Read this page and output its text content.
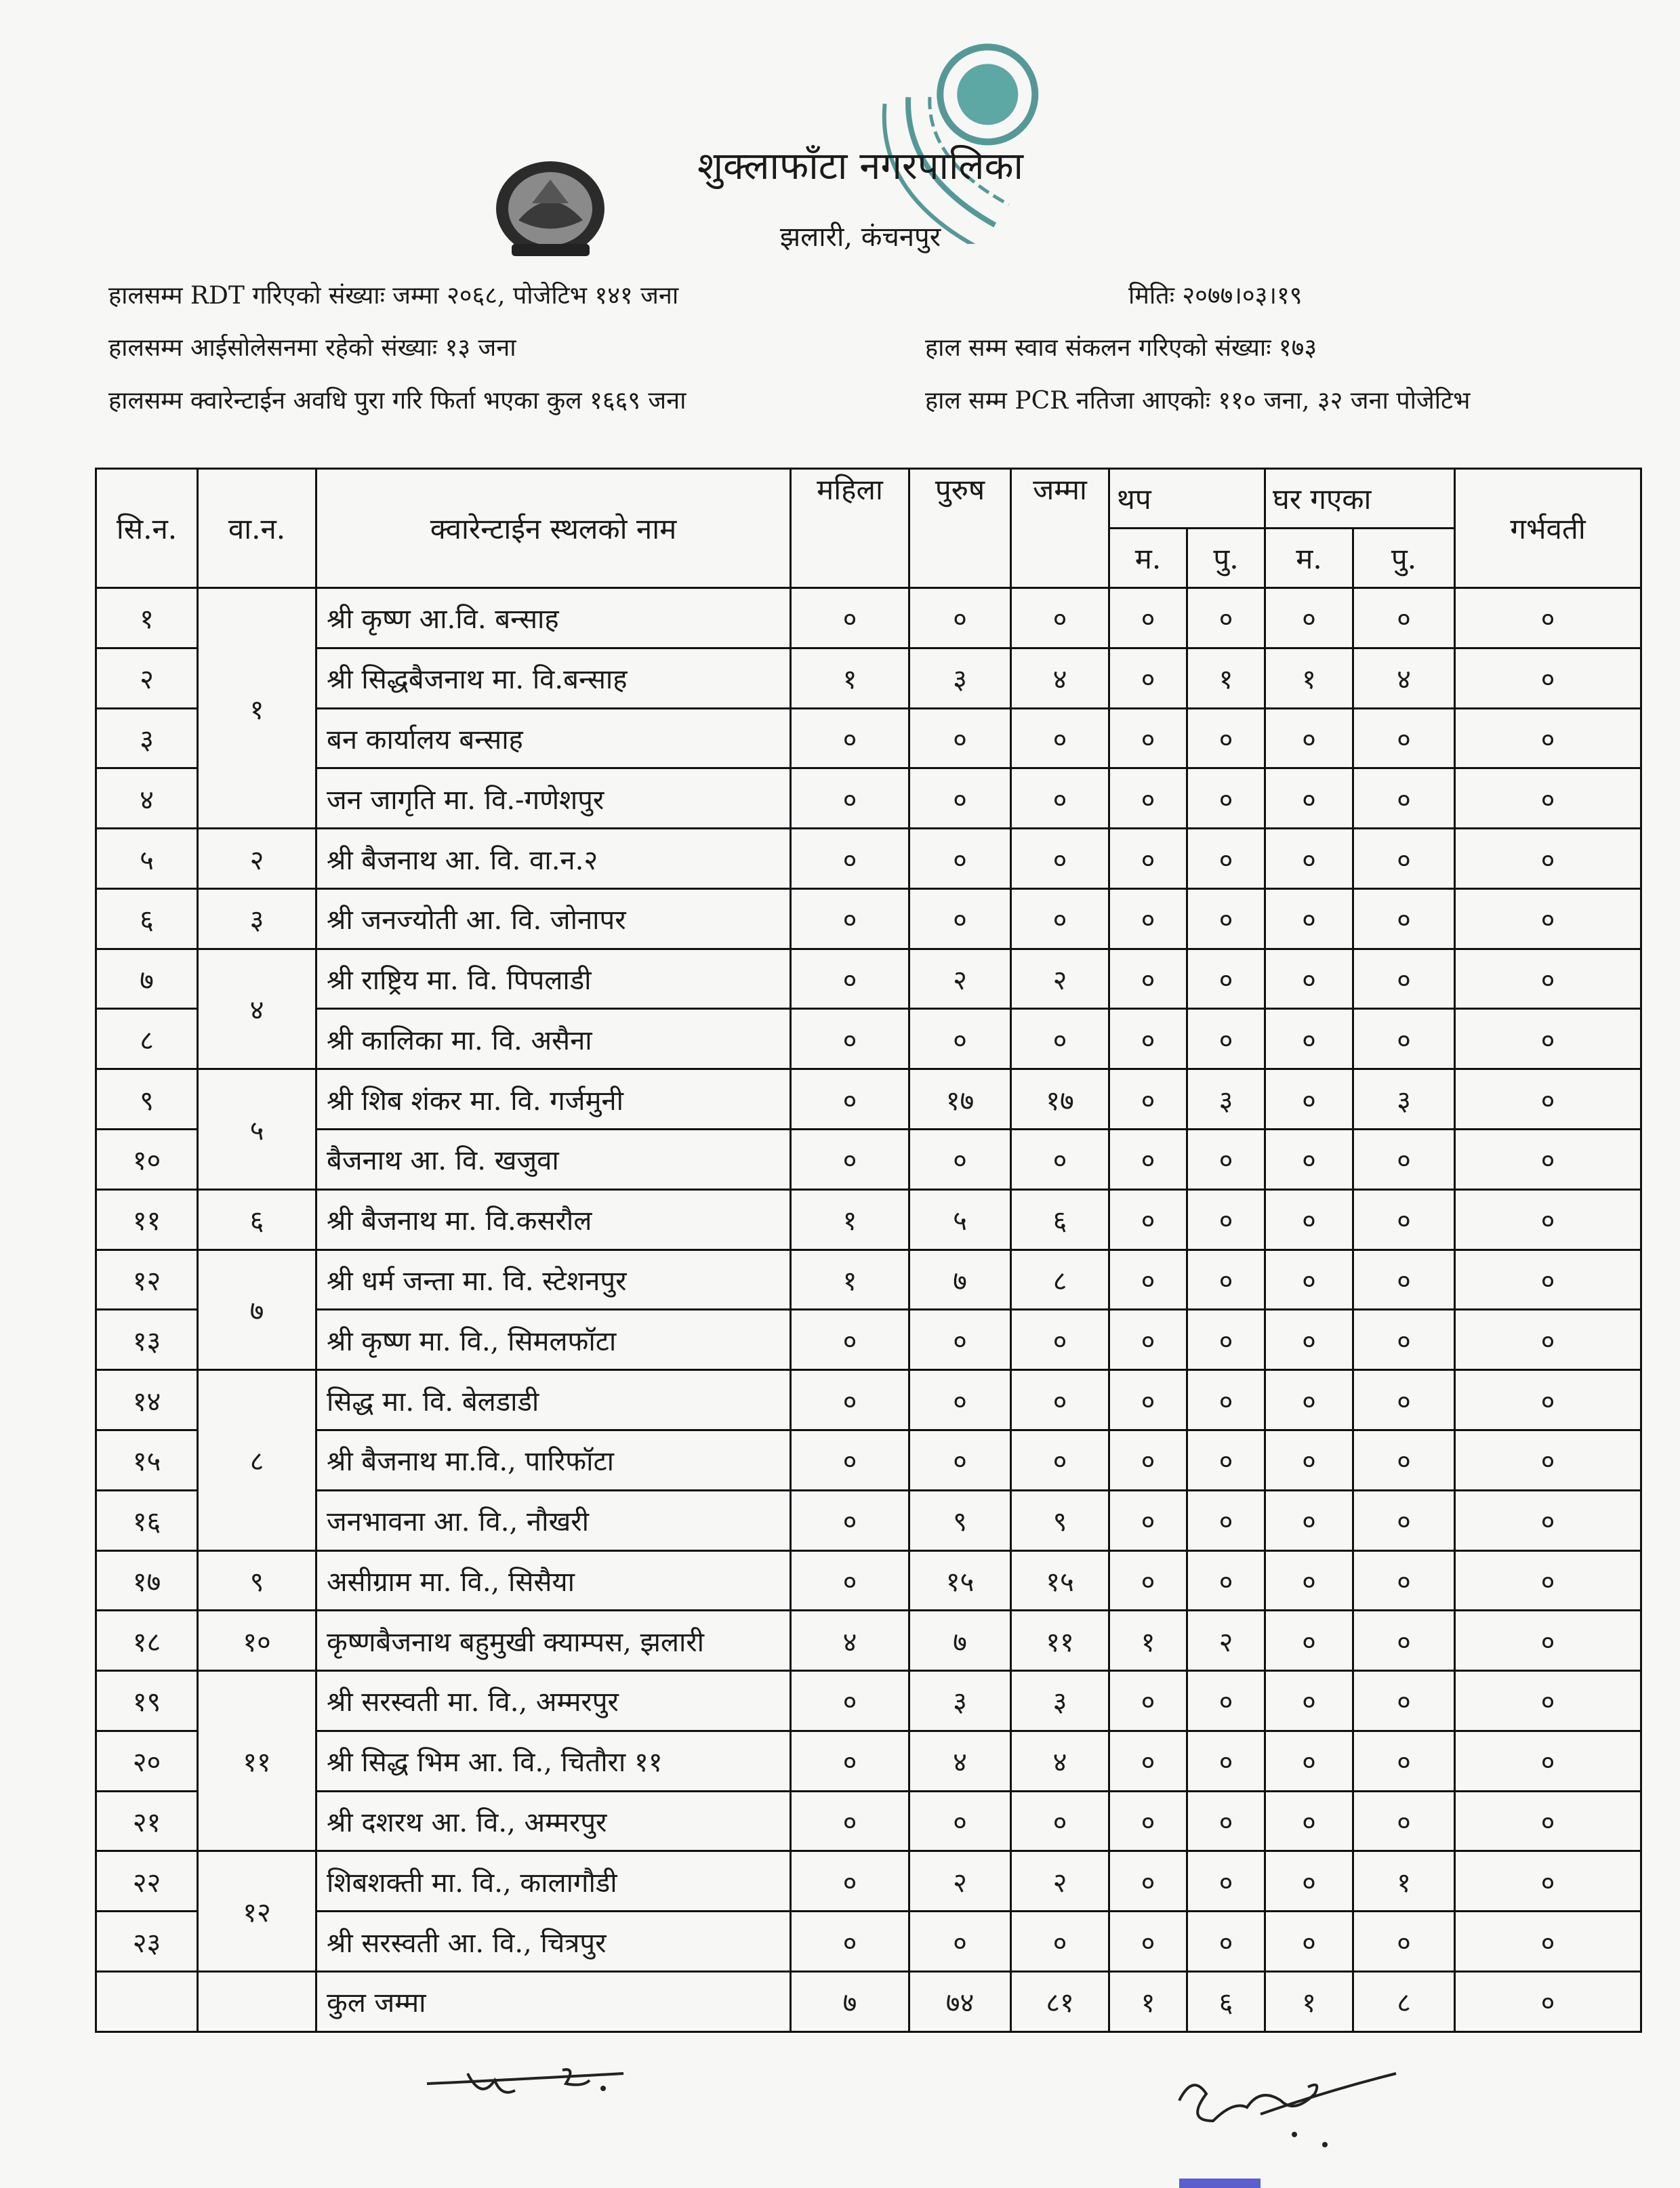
शुक्लाफाँटा नगरपालिका
झलारी, कंचनपुर
हालसम्म RDT गरिएको संख्याः जम्मा २०६८, पोजेटिभ १४१ जना	मितिः २०७७।०३।१९
हालसम्म आईसोलेसनमा रहेको संख्याः १३ जना	हाल सम्म स्वाव संकलन गरिएको संख्याः १७३
हालसम्म क्वारेन्टाईन अवधि पुरा गरि फिर्ता भएका कुल १६६९ जना	हाल सम्म PCR नतिजा आएकोः ११० जना, ३२ जना पोजेटिभ
सि.न.	वा.न.	क्वारेन्टाईन स्थलको नाम	महिला	पुरुष	जम्मा	थप		घर गएका		गर्भवती
						म.	पु.	म.	पु.	
१	१	श्री कृष्ण आ.वि. बन्साह	०	०	०	०	०	०	०	०
२		श्री सिद्धबैजनाथ मा. वि.बन्साह	१	३	४	०	१	१	४	०
३		बन कार्यालय बन्साह	०	०	०	०	०	०	०	०
४		जन जागृति मा. वि.-गणेशपुर	०	०	०	०	०	०	०	०
५	२	श्री बैजनाथ आ. वि. वा.न.२	०	०	०	०	०	०	०	०
६	३	श्री जनज्योती आ. वि. जोनापर	०	०	०	०	०	०	०	०
७	४	श्री राष्ट्रिय मा. वि. पिपलाडी	०	२	२	०	०	०	०	०
८		श्री कालिका मा. वि. असैना	०	०	०	०	०	०	०	०
९	५	श्री शिब शंकर मा. वि. गर्जमुनी	०	१७	१७	०	३	०	३	०
१०		बैजनाथ आ. वि. खजुवा	०	०	०	०	०	०	०	०
११	६	श्री बैजनाथ मा. वि.कसरौल	१	५	६	०	०	०	०	०
१२	७	श्री धर्म जन्ता मा. वि. स्टेशनपुर	१	७	८	०	०	०	०	०
१३		श्री कृष्ण मा. वि., सिमलफॉटा	०	०	०	०	०	०	०	०
१४	८	सिद्ध मा. वि. बेलडाडी	०	०	०	०	०	०	०	०
१५		श्री बैजनाथ मा.वि., पारिफॉटा	०	०	०	०	०	०	०	०
१६		जनभावना आ. वि., नौखरी	०	९	९	०	०	०	०	०
१७	९	असीग्राम मा. वि., सिसैया	०	१५	१५	०	०	०	०	०
१८	१०	कृष्णबैजनाथ बहुमुखी क्याम्पस, झलारी	४	७	११	१	२	०	०	०
१९	११	श्री सरस्वती मा. वि., अम्मरपुर	०	३	३	०	०	०	०	०
२०		श्री सिद्ध भिम आ. वि., चितौरा ११	०	४	४	०	०	०	०	०
२१		श्री दशरथ आ. वि., अम्मरपुर	०	०	०	०	०	०	०	०
२२	१२	शिबशक्ती मा. वि., कालागौडी	०	२	२	०	०	०	१	०
२३		श्री सरस्वती आ. वि., चित्रपुर	०	०	०	०	०	०	०	०
		कुल जम्मा	७	७४	८१	१	६	१	८	०
